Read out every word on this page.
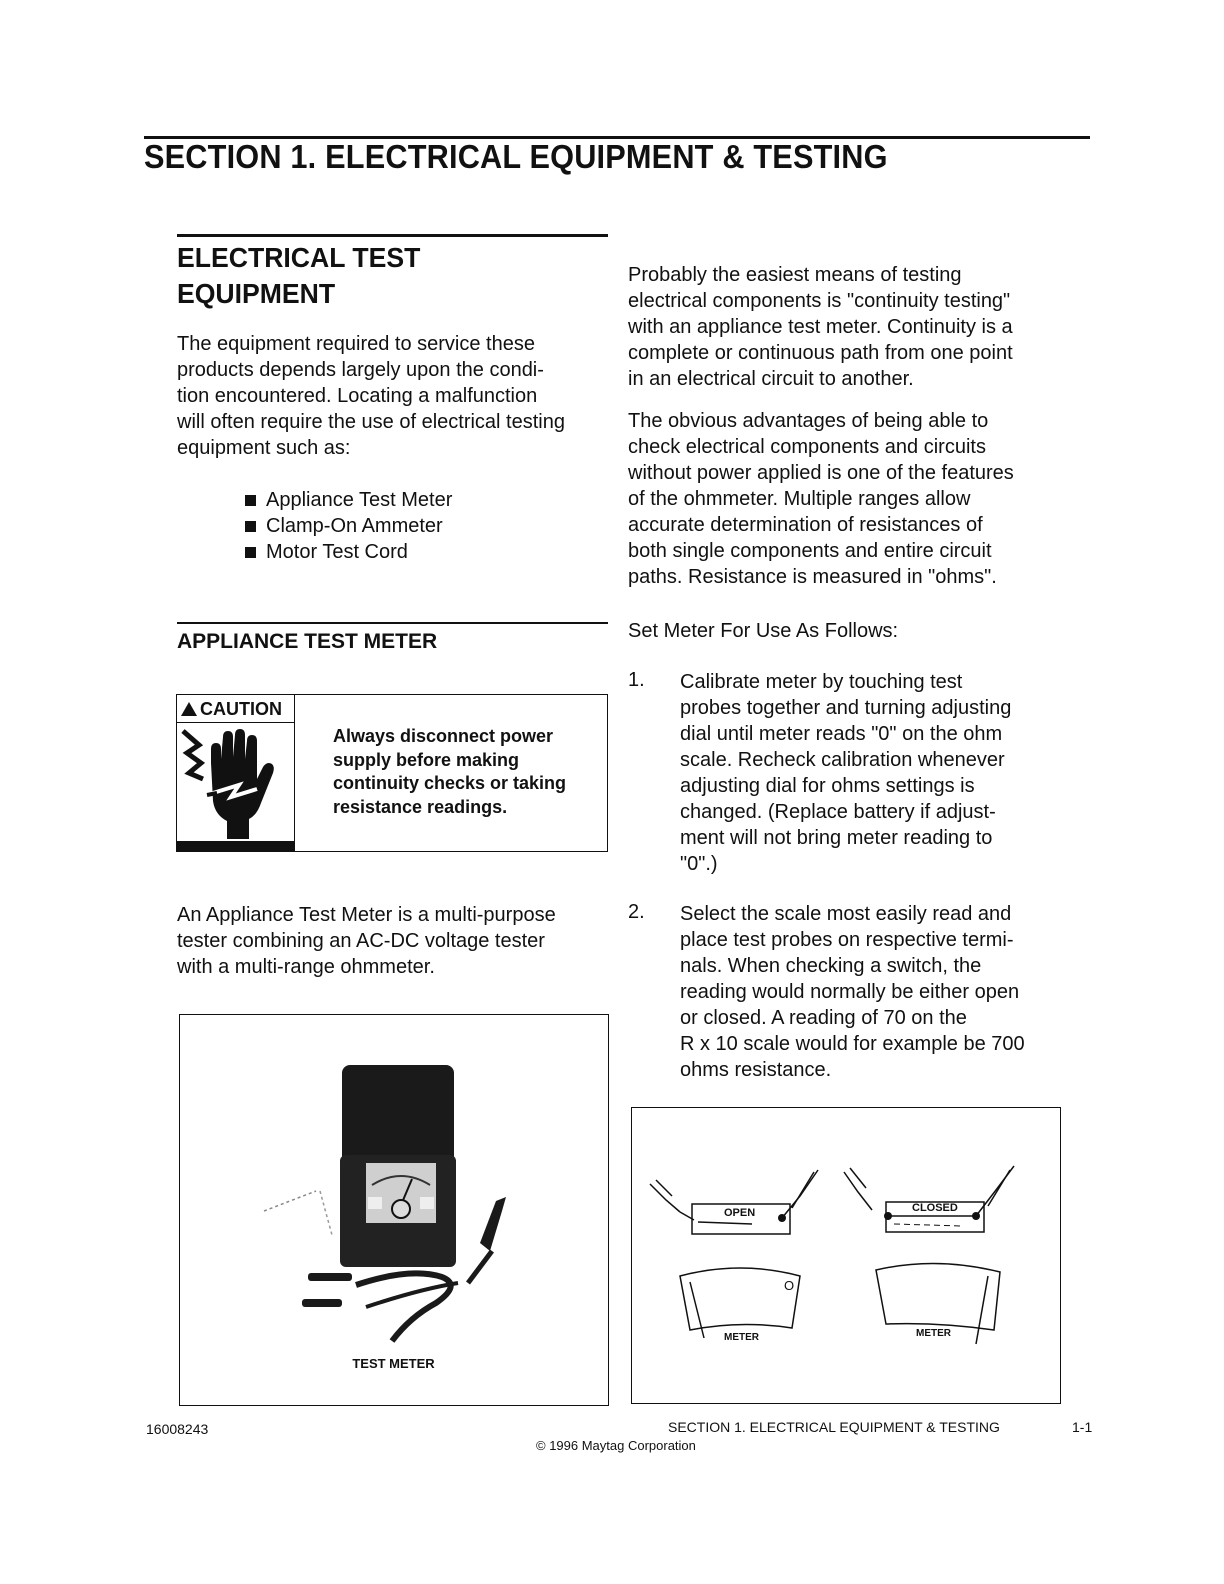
SECTION 1. ELECTRICAL EQUIPMENT & TESTING
ELECTRICAL TEST
EQUIPMENT
The equipment required to service these
products depends largely upon the condi-
tion encountered. Locating a malfunction
will often require the use of electrical testing
equipment such as:
Appliance Test Meter
Clamp-On Ammeter
Motor Test Cord
APPLIANCE TEST METER
CAUTION
Always disconnect power
supply before making
continuity checks or taking
resistance readings.
An Appliance Test Meter is a multi-purpose
tester combining an AC-DC voltage tester
with a multi-range ohmmeter.
TEST METER
Probably the easiest means of testing
electrical components is "continuity testing"
with an appliance test meter. Continuity is a
complete or continuous path from one point
in an electrical circuit to another.
The obvious advantages of being able to
check electrical components and circuits
without power applied is one of the features
of the ohmmeter. Multiple ranges allow
accurate determination of resistances of
both single components and entire circuit
paths. Resistance is measured in "ohms".
Set Meter For Use As Follows:
1. Calibrate meter by touching test
probes together and turning adjusting
dial until meter reads "0" on the ohm
scale. Recheck calibration whenever
adjusting dial for ohms settings is
changed. (Replace battery if adjust-
ment will not bring meter reading to
"0".)
2. Select the scale most easily read and
place test probes on respective termi-
nals. When checking a switch, the
reading would normally be either open
or closed. A reading of 70 on the
R x 10 scale would for example be 700
ohms resistance.
OPEN	CLOSED
O
METER	METER
16008243	SECTION 1. ELECTRICAL EQUIPMENT & TESTING	1-1
© 1996 Maytag Corporation
